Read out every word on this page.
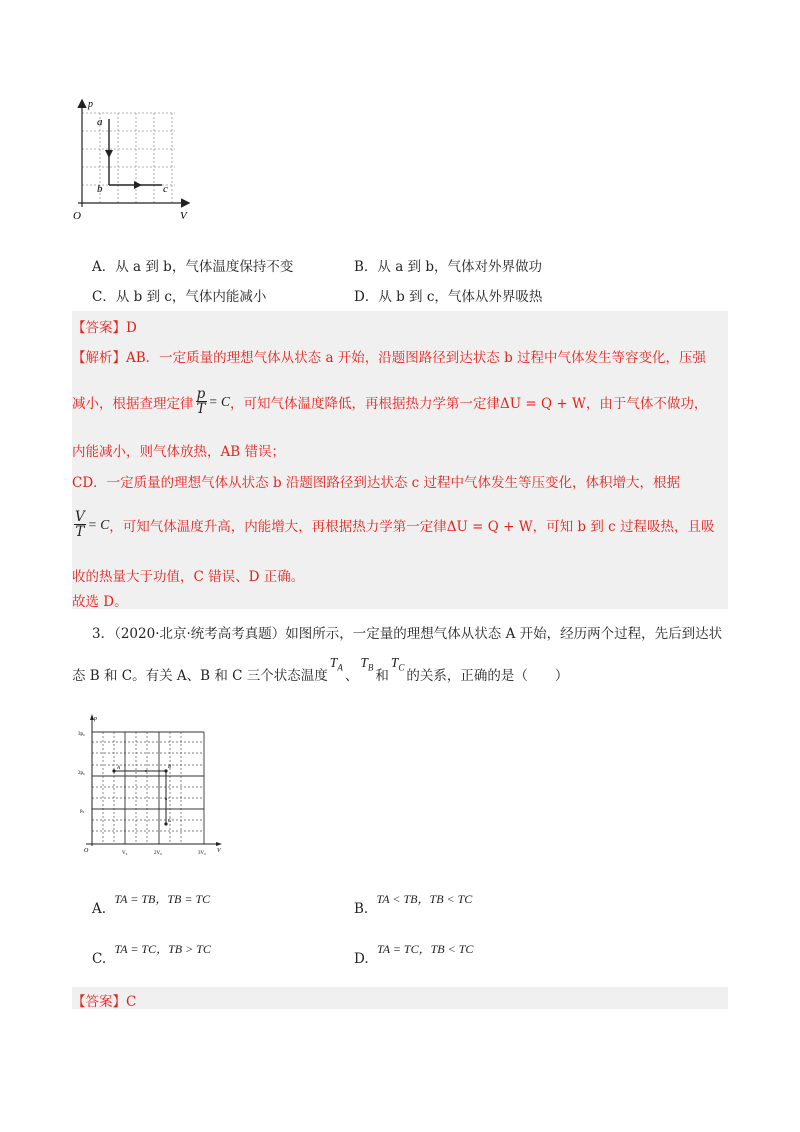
p
a
b	c
O	V
A．从 a 到 b，气体温度保持不变	B．从 a 到 b，气体对外界做功
C．从 b 到 c，气体内能减小	D．从 b 到 c，气体从外界吸热
【答案】D
【解析】AB．一定质量的理想气体从状态 a 开始，沿题图路径到达状态 b 过程中气体发生等容变化，压强
减小，根据查理定律 $\frac{p}{T} = C$ ，可知气体温度降低，再根据热力学第一定律ΔU = Q + W，由于气体不做功，
内能减小，则气体放热，AB 错误；
CD．一定质量的理想气体从状态 b 沿题图路径到达状态 c 过程中气体发生等压变化，体积增大，根据
$\frac{V}{T} = C$ ，可知气体温度升高，内能增大，再根据热力学第一定律ΔU = Q + W，可知 b 到 c 过程吸热，且吸
收的热量大于功值，C 错误、D 正确。
故选 D。
3．（2020·北京·统考高考真题）如图所示，一定量的理想气体从状态 A 开始，经历两个过程，先后到达状
态 B 和 C。有关 A、B 和 C 三个状态温度
$T_A$
、
$T_B$
和
$T_C$
的关系，正确的是（　　）
p
3p₀
2p₀
p₀
O	V₀	2V₀	3V₀ V
A	B
C
A. TA = TB，TB = TC
B. TA < TB，TB < TC
C. TA = TC，TB > TC
D. TA = TC，TB < TC
【答案】C
